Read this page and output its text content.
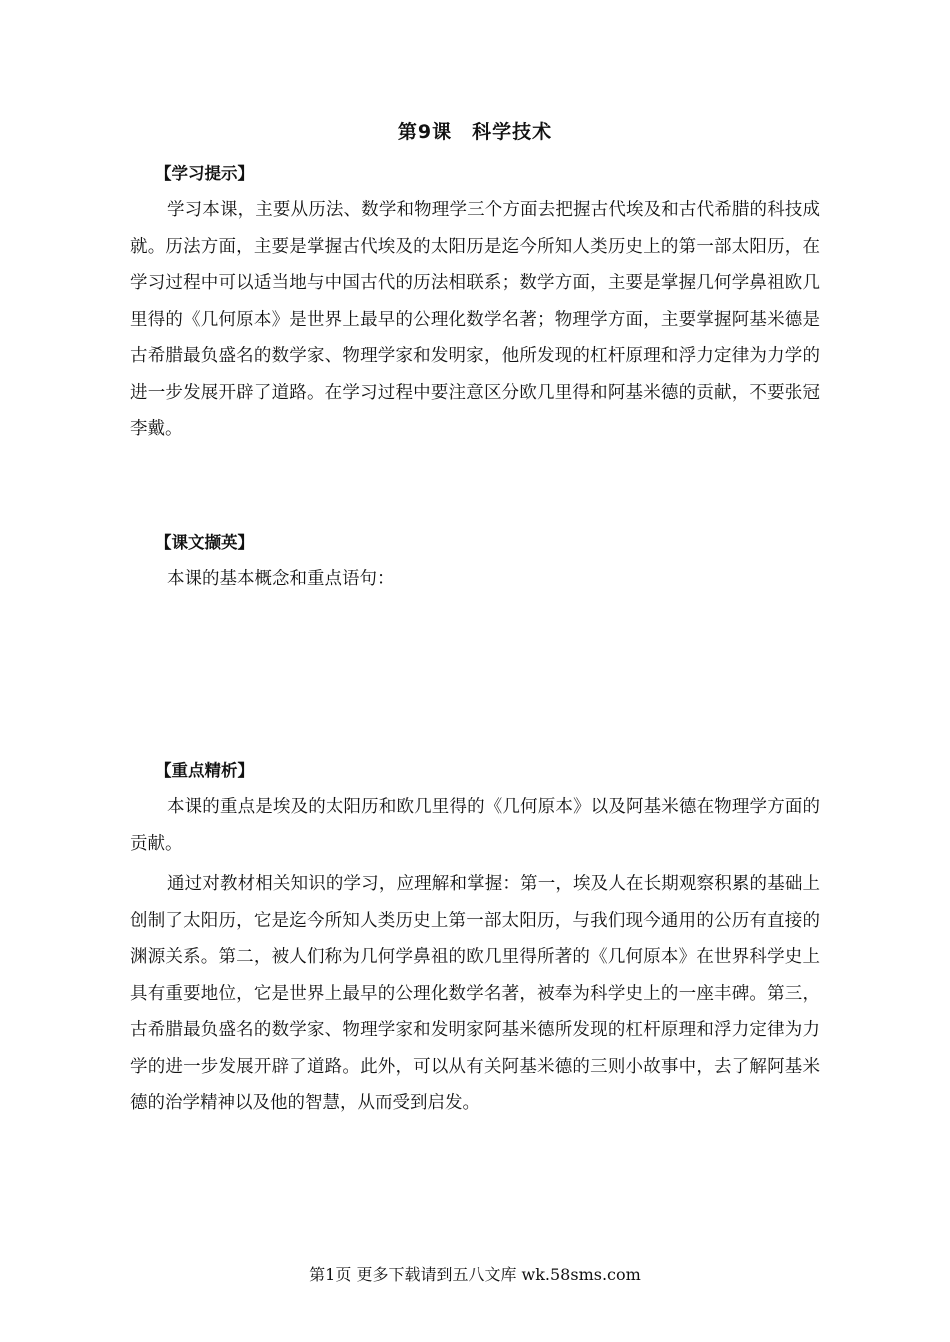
第9课　科学技术
【学习提示】

学习本课，主要从历法、数学和物理学三个方面去把握古代埃及和古代希腊的科技成就。历法方面，主要是掌握古代埃及的太阳历是迄今所知人类历史上的第一部太阳历，在学习过程中可以适当地与中国古代的历法相联系；数学方面，主要是掌握几何学鼻祖欧几里得的《几何原本》是世界上最早的公理化数学名著；物理学方面，主要掌握阿基米德是古希腊最负盛名的数学家、物理学家和发明家，他所发现的杠杆原理和浮力定律为力学的进一步发展开辟了道路。在学习过程中要注意区分欧几里得和阿基米德的贡献，不要张冠李戴。

【课文撷英】

本课的基本概念和重点语句：

【重点精析】

本课的重点是埃及的太阳历和欧几里得的《几何原本》以及阿基米德在物理学方面的贡献。

通过对教材相关知识的学习，应理解和掌握：第一，埃及人在长期观察积累的基础上创制了太阳历，它是迄今所知人类历史上第一部太阳历，与我们现今通用的公历有直接的渊源关系。第二，被人们称为几何学鼻祖的欧几里得所著的《几何原本》在世界科学史上具有重要地位，它是世界上最早的公理化数学名著，被奉为科学史上的一座丰碑。第三，古希腊最负盛名的数学家、物理学家和发明家阿基米德所发现的杠杆原理和浮力定律为力学的进一步发展开辟了道路。此外，可以从有关阿基米德的三则小故事中，去了解阿基米德的治学精神以及他的智慧，从而受到启发。

第1页 更多下载请到五八文库 wk.58sms.com
